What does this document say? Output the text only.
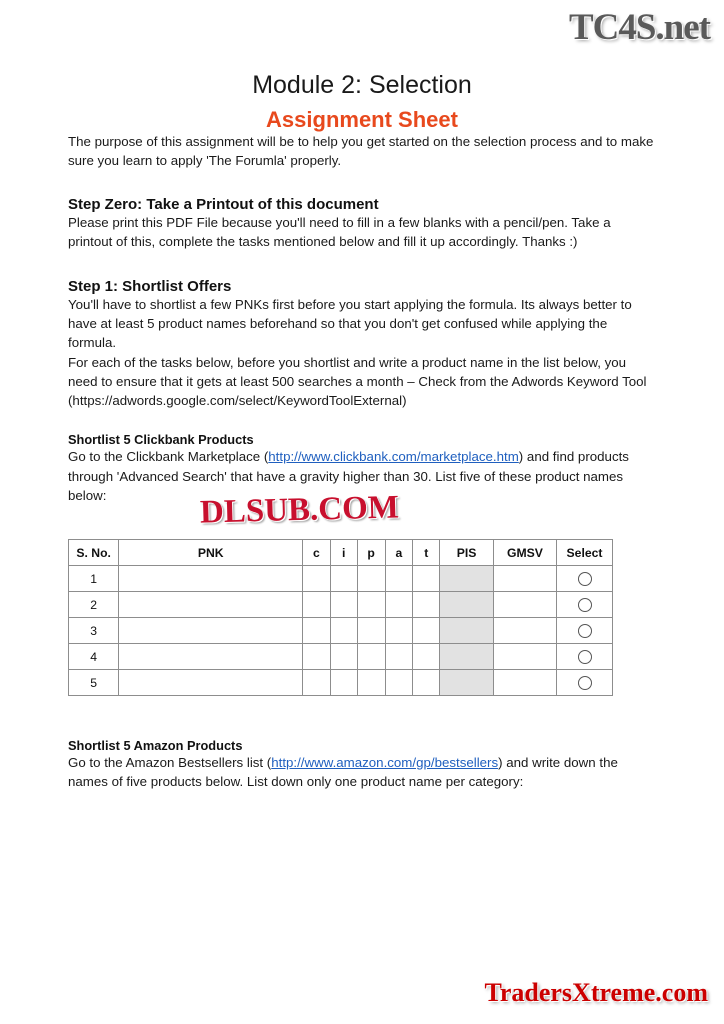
TC4S.net
DLSUB.COM
TradersXtreme.com
Module 2: Selection
Assignment Sheet

The purpose of this assignment will be to help you get started on the selection process and to make sure you learn to apply 'The Forumla' properly.

Step Zero: Take a Printout of this document

Please print this PDF File because you'll need to fill in a few blanks with a pencil/pen. Take a printout of this, complete the tasks mentioned below and fill it up accordingly. Thanks :)

Step 1: Shortlist Offers

You'll have to shortlist a few PNKs first before you start applying the formula. Its always better to have at least 5 product names beforehand so that you don't get confused while applying the formula.

For each of the tasks below, before you shortlist and write a product name in the list below, you need to ensure that it gets at least 500 searches a month – Check from the Adwords Keyword Tool (https://adwords.google.com/select/KeywordToolExternal)

Shortlist 5 Clickbank Products

Go to the Clickbank Marketplace (http://www.clickbank.com/marketplace.htm) and find products through 'Advanced Search' that have a gravity higher than 30. List five of these product names below:

S. No.	PNK	c	i	p	a	t	PIS	GMSV	Select
1									
2									
3									
4									
5									

Shortlist 5 Amazon Products

Go to the Amazon Bestsellers list (http://www.amazon.com/gp/bestsellers) and write down the names of five products below. List down only one product name per category:
